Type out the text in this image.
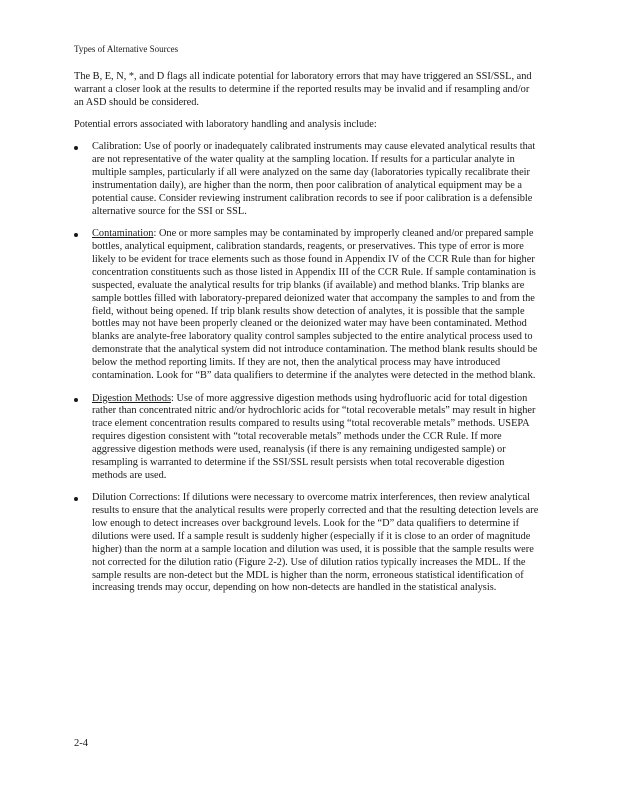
Types of Alternative Sources

The B, E, N, *, and D flags all indicate potential for laboratory errors that may have triggered an SSI/SSL, and warrant a closer look at the results to determine if the reported results may be invalid and if resampling and/or an ASD should be considered.

Potential errors associated with laboratory handling and analysis include:

Calibration: Use of poorly or inadequately calibrated instruments may cause elevated analytical results that are not representative of the water quality at the sampling location. If results for a particular analyte in multiple samples, particularly if all were analyzed on the same day (laboratories typically recalibrate their instrumentation daily), are higher than the norm, then poor calibration of analytical equipment may be a potential cause. Consider reviewing instrument calibration records to see if poor calibration is a defensible alternative source for the SSI or SSL.
Contamination: One or more samples may be contaminated by improperly cleaned and/or prepared sample bottles, analytical equipment, calibration standards, reagents, or preservatives. This type of error is more likely to be evident for trace elements such as those found in Appendix IV of the CCR Rule than for higher concentration constituents such as those listed in Appendix III of the CCR Rule. If sample contamination is suspected, evaluate the analytical results for trip blanks (if available) and method blanks. Trip blanks are sample bottles filled with laboratory-prepared deionized water that accompany the samples to and from the field, without being opened. If trip blank results show detection of analytes, it is possible that the sample bottles may not have been properly cleaned or the deionized water may have been contaminated. Method blanks are analyte-free laboratory quality control samples subjected to the entire analytical process used to demonstrate that the analytical system did not introduce contamination. The method blank results should be below the method reporting limits. If they are not, then the analytical process may have introduced contamination. Look for “B” data qualifiers to determine if the analytes were detected in the method blank.
Digestion Methods: Use of more aggressive digestion methods using hydrofluoric acid for total digestion rather than concentrated nitric and/or hydrochloric acids for “total recoverable metals” may result in higher trace element concentration results compared to results using “total recoverable metals” methods. USEPA requires digestion consistent with “total recoverable metals” methods under the CCR Rule. If more aggressive digestion methods were used, reanalysis (if there is any remaining undigested sample) or resampling is warranted to determine if the SSI/SSL result persists when total recoverable digestion methods are used.
Dilution Corrections: If dilutions were necessary to overcome matrix interferences, then review analytical results to ensure that the analytical results were properly corrected and that the resulting detection levels are low enough to detect increases over background levels. Look for the “D” data qualifiers to determine if dilutions were used. If a sample result is suddenly higher (especially if it is close to an order of magnitude higher) than the norm at a sample location and dilution was used, it is possible that the sample results were not corrected for the dilution ratio (Figure 2-2). Use of dilution ratios typically increases the MDL. If the sample results are non-detect but the MDL is higher than the norm, erroneous statistical identification of increasing trends may occur, depending on how non-detects are handled in the statistical analysis.
2-4
